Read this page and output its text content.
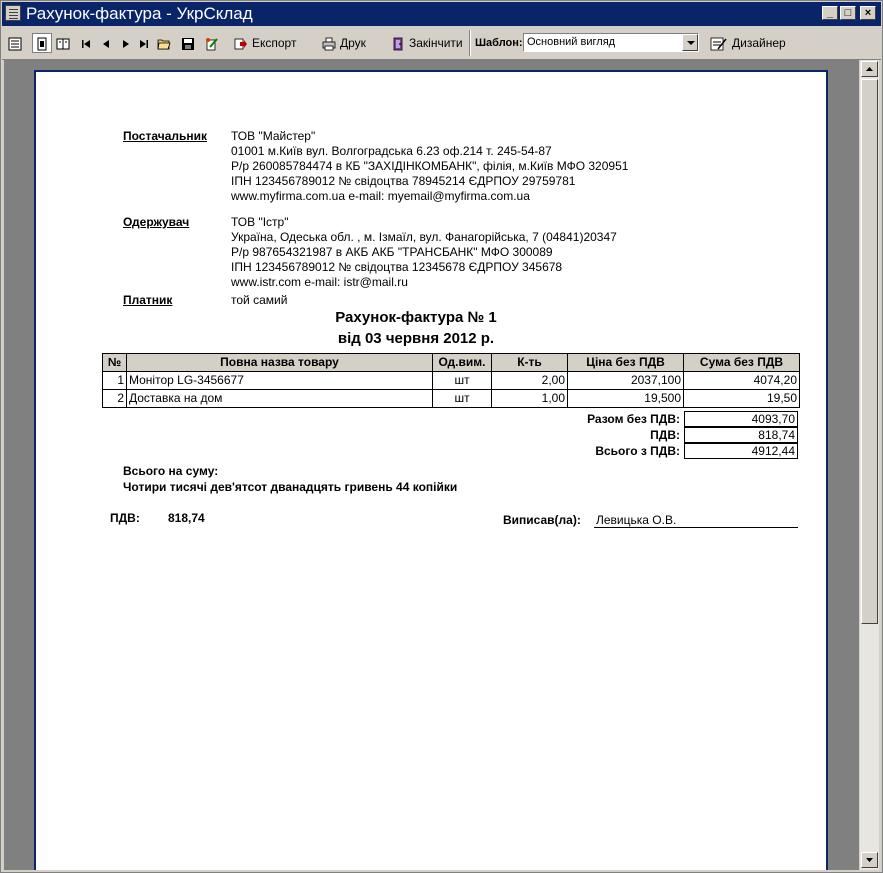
Рахунок-фактура - УкрСклад	_	□	×
Експорт	Друк	Закінчити Шаблон: Основний вигляд	Дизайнер
Постачальник ТОВ "Майстер"
01001 м.Київ вул. Волгоградська 6.23 оф.214 т. 245-54-87
Р/р 260085784474 в КБ "ЗАХІДІНКОМБАНК", філія, м.Київ МФО 320951
ІПН 123456789012 № свідоцтва 78945214 ЄДРПОУ 29759781
www.myfirma.com.ua e-mail: myemail@myfirma.com.ua
Одержувач	ТОВ "Істр"
Україна, Одеська обл. , м. Ізмаїл, вул. Фанагорійська, 7 (04841)20347
Р/р 987654321987 в АКБ АКБ "ТРАНСБАНК" МФО 300089
ІПН 123456789012 № свідоцтва 12345678 ЄДРПОУ 345678
www.istr.com e-mail: istr@mail.ru
Платник	той самий
Рахунок-фактура № 1
від 03 червня 2012 р.
№	Повна назва товару	Од.вим.	К-ть	Ціна без ПДВ	Сума без ПДВ
1	Монітор LG-3456677	шт	2,00	2037,100	4074,20
2	Доставка на дом	шт	1,00	19,500	19,50
Разом без ПДВ:	4093,70
ПДВ:	818,74
Всього з ПДВ:	4912,44
Всього на суму:
Чотири тисячі дев'ятсот дванадцять гривень 44 копійки
ПДВ: 818,74	Виписав(ла): Левицька О.В.
